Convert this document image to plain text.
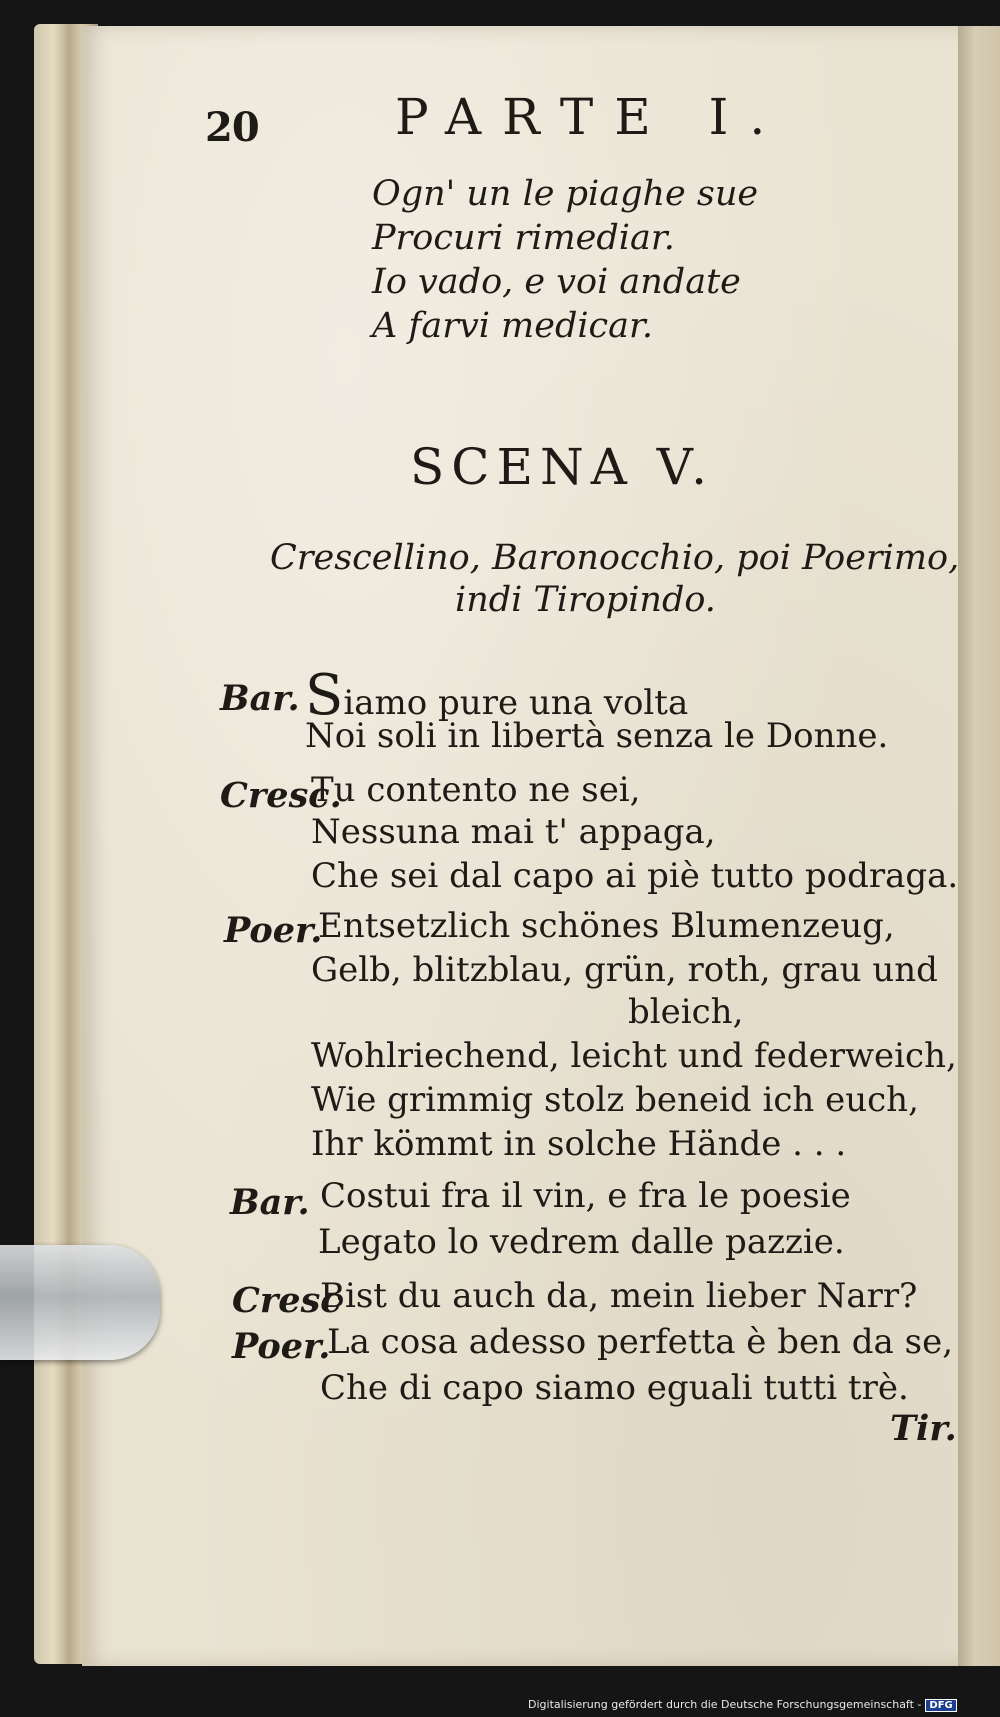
20	PARTE I.
Ogn' un le piaghe sue
Procuri rimediar.
Io vado, e voi andate
A farvi medicar.
SCENA V.
Crescellino, Baronocchio, poi Poerimo,
indi Tiropindo.
Bar. Siamo pure una volta
Noi soli in libertà senza le Donne.
Cresc.
Tu contento ne sei,
Nessuna mai t' appaga,
Che sei dal capo ai piè tutto podraga.
Poer.
Entsetzlich schönes Blumenzeug,
Gelb, blitzblau, grün, roth, grau und
bleich,
Wohlriechend, leicht und federweich,
Wie grimmig stolz beneid ich euch,
Ihr kömmt in solche Hände . . .
Bar. Costui fra il vin, e fra le poesie
Legato lo vedrem dalle pazzie.
Cresc
Bist du auch da, mein lieber Narr?
Poer.
La cosa adesso perfetta è ben da se,
Che di capo siamo eguali tutti trè.
Tir.
Digitalisierung gefördert durch die Deutsche Forschungsgemeinschaft - DFG
